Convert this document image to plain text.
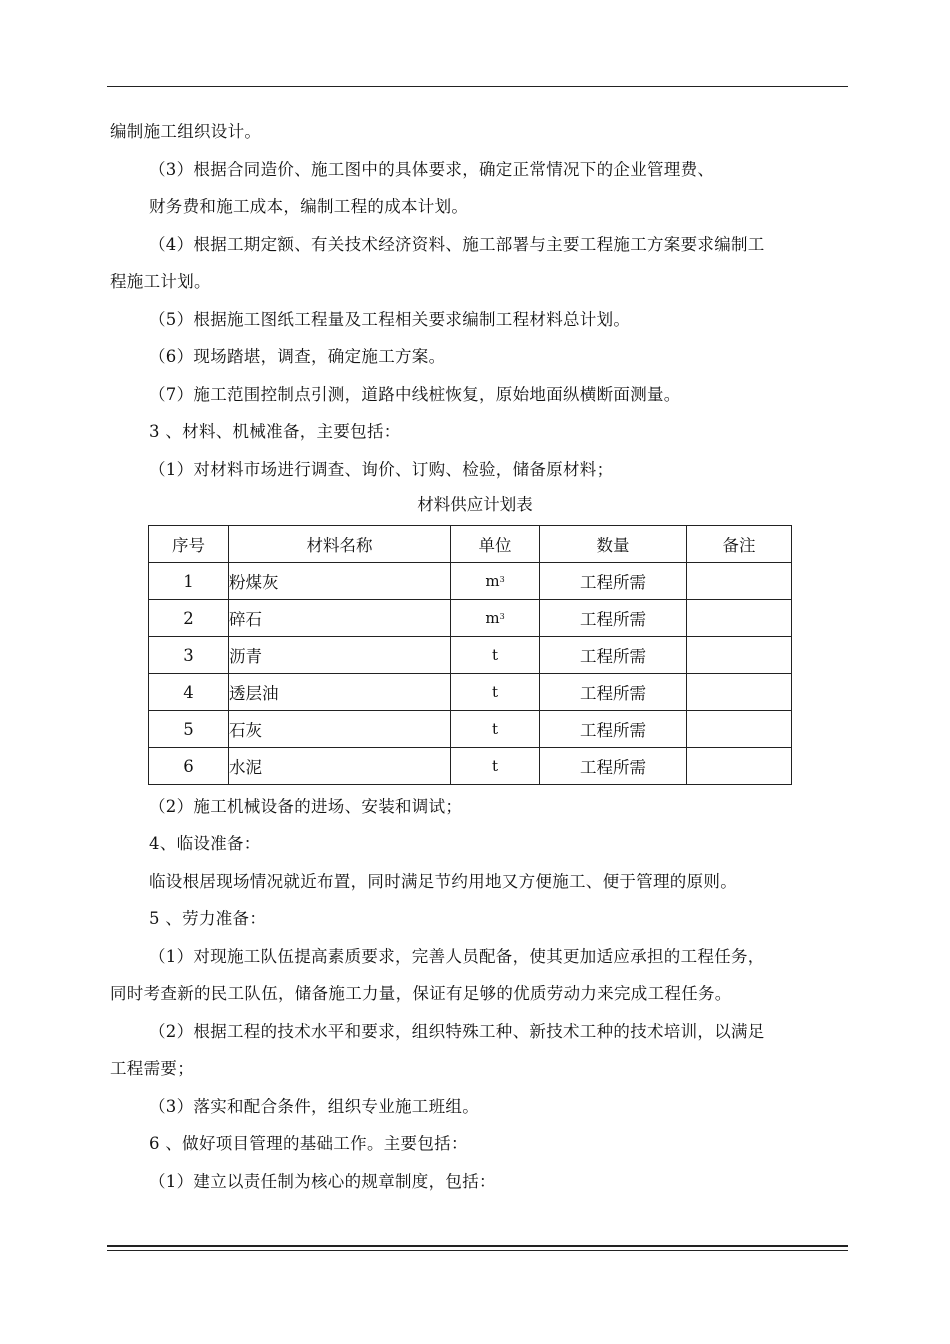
编制施工组织设计。
（3）根据合同造价、施工图中的具体要求，确定正常情况下的企业管理费、
财务费和施工成本，编制工程的成本计划。
（4）根据工期定额、有关技术经济资料、施工部署与主要工程施工方案要求编制工
程施工计划。
（5）根据施工图纸工程量及工程相关要求编制工程材料总计划。
（6）现场踏堪，调查，确定施工方案。
（7）施工范围控制点引测，道路中线桩恢复，原始地面纵横断面测量。
3 、材料、机械准备，主要包括：
（1）对材料市场进行调查、询价、订购、检验，储备原材料；
材料供应计划表
序号	材料名称	单位	数量	备注
1	粉煤灰	$m^3$	工程所需	
2	碎石	$m^3$	工程所需	
3	沥青	t	工程所需	
4	透层油	t	工程所需	
5	石灰	t	工程所需	
6	水泥	t	工程所需	
（2）施工机械设备的进场、安装和调试；
4、临设准备：
临设根居现场情况就近布置，同时满足节约用地又方便施工、便于管理的原则。
5 、劳力准备：
（1）对现施工队伍提高素质要求，完善人员配备，使其更加适应承担的工程任务，
同时考查新的民工队伍，储备施工力量，保证有足够的优质劳动力来完成工程任务。
（2）根据工程的技术水平和要求，组织特殊工种、新技术工种的技术培训，以满足
工程需要；
（3）落实和配合条件，组织专业施工班组。
6 、做好项目管理的基础工作。主要包括：
（1）建立以责任制为核心的规章制度，包括：
